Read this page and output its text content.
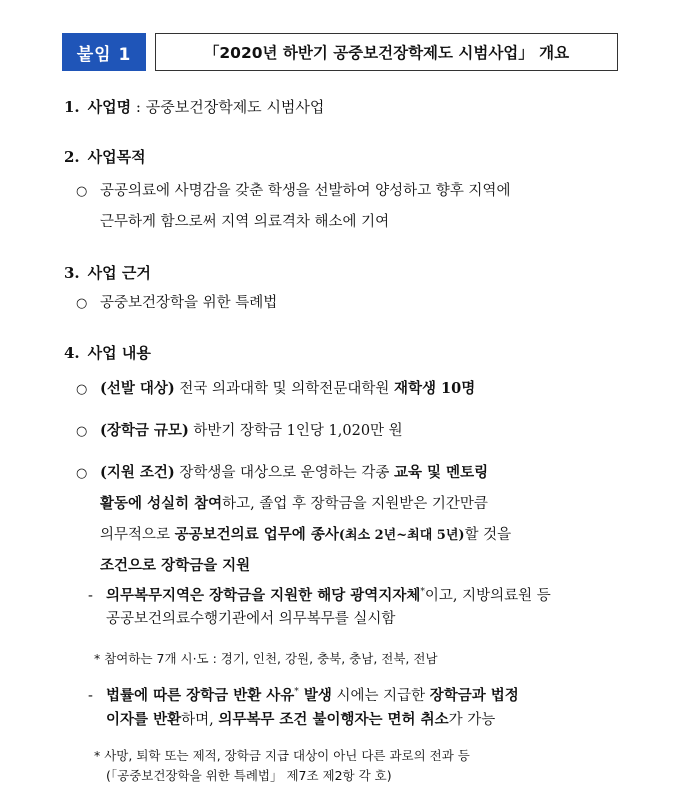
붙임 1	「2020년 하반기 공중보건장학제도 시범사업」 개요
1. 사업명 : 공중보건장학제도 시범사업
2. 사업목적
○ 공공의료에 사명감을 갖춘 학생을 선발하여 양성하고 향후 지역에
근무하게 함으로써 지역 의료격차 해소에 기여
3. 사업 근거
○ 공중보건장학을 위한 특례법
4. 사업 내용
○ (선발 대상) 전국 의과대학 및 의학전문대학원 재학생 10명
○ (장학금 규모) 하반기 장학금 1인당 1,020만 원
○ (지원 조건) 장학생을 대상으로 운영하는 각종 교육 및 멘토링
활동에 성실히 참여하고, 졸업 후 장학금을 지원받은 기간만큼
의무적으로 공공보건의료 업무에 종사(최소 2년~최대 5년)할 것을
조건으로 장학금을 지원
- 의무복무지역은 장학금을 지원한 해당 광역지자체*이고, 지방의료원 등
공공보건의료수행기관에서 의무복무를 실시함
* 참여하는 7개 시·도 : 경기, 인천, 강원, 충북, 충남, 전북, 전남
- 법률에 따른 장학금 반환 사유* 발생 시에는 지급한 장학금과 법정
이자를 반환하며, 의무복무 조건 불이행자는 면허 취소가 가능
* 사망, 퇴학 또는 제적, 장학금 지급 대상이 아닌 다른 과로의 전과 등
(「공중보건장학을 위한 특례법」 제7조 제2항 각 호)
